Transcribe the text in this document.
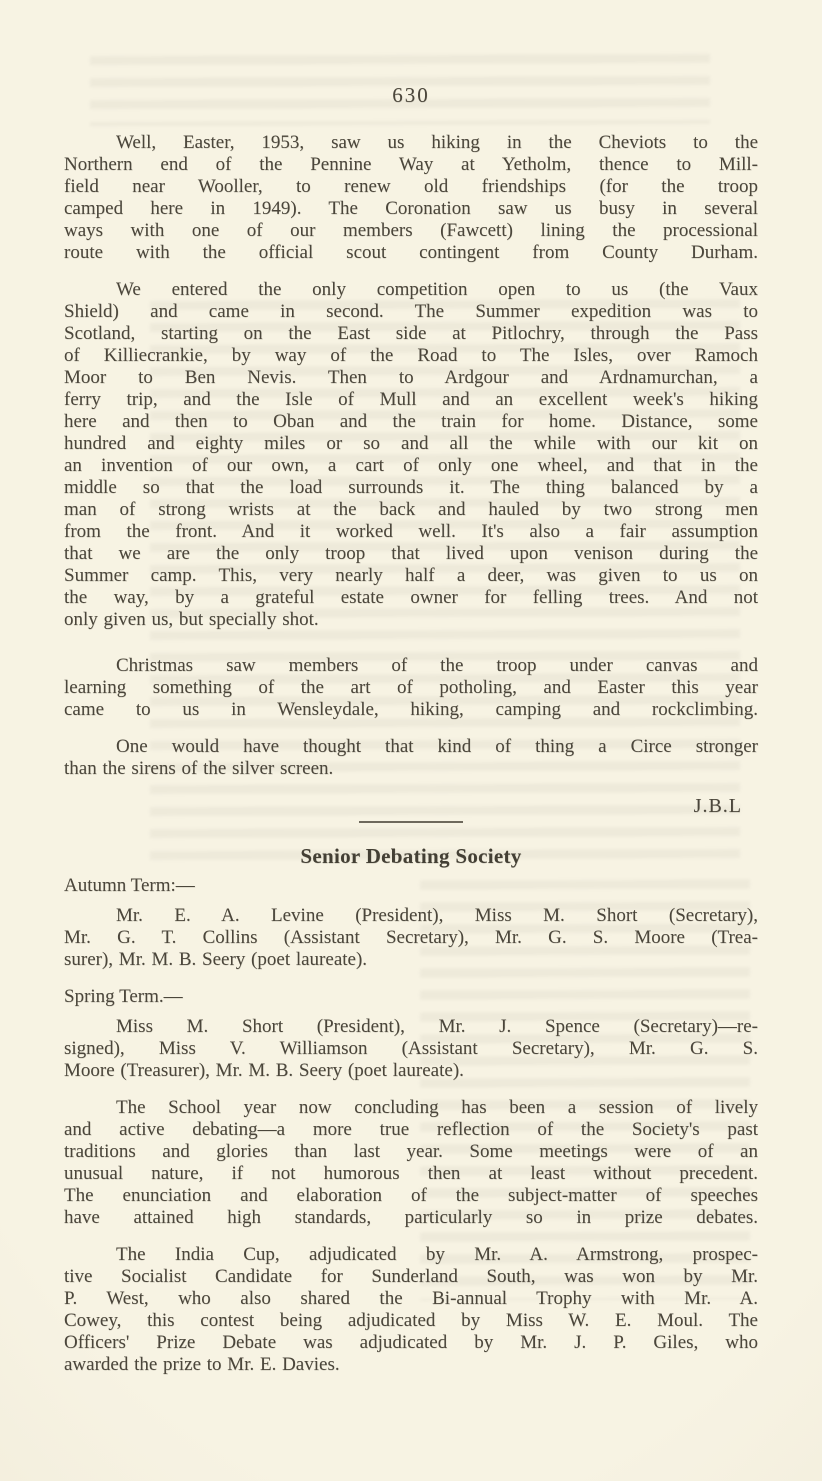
630
Well, Easter, 1953, saw us hiking in the Cheviots to the
Northern end of the Pennine Way at Yetholm, thence to Mill-
field near Wooller, to renew old friendships (for the troop
camped here in 1949). The Coronation saw us busy in several
ways with one of our members (Fawcett) lining the processional
route with the official scout contingent from County Durham.
We entered the only competition open to us (the Vaux
Shield) and came in second. The Summer expedition was to
Scotland, starting on the East side at Pitlochry, through the Pass
of Killiecrankie, by way of the Road to The Isles, over Ramoch
Moor to Ben Nevis. Then to Ardgour and Ardnamurchan, a
ferry trip, and the Isle of Mull and an excellent week's hiking
here and then to Oban and the train for home. Distance, some
hundred and eighty miles or so and all the while with our kit on
an invention of our own, a cart of only one wheel, and that in the
middle so that the load surrounds it. The thing balanced by a
man of strong wrists at the back and hauled by two strong men
from the front. And it worked well. It's also a fair assumption
that we are the only troop that lived upon venison during the
Summer camp. This, very nearly half a deer, was given to us on
the way, by a grateful estate owner for felling trees. And not
only given us, but specially shot.
Christmas saw members of the troop under canvas and
learning something of the art of potholing, and Easter this year
came to us in Wensleydale, hiking, camping and rockclimbing.
One would have thought that kind of thing a Circe stronger
than the sirens of the silver screen.
J.B.L
Senior Debating Society
Autumn Term:—
Mr. E. A. Levine (President), Miss M. Short (Secretary),
Mr. G. T. Collins (Assistant Secretary), Mr. G. S. Moore (Trea-
surer), Mr. M. B. Seery (poet laureate).
Spring Term.—
Miss M. Short (President), Mr. J. Spence (Secretary)—re-
signed), Miss V. Williamson (Assistant Secretary), Mr. G. S.
Moore (Treasurer), Mr. M. B. Seery (poet laureate).
The School year now concluding has been a session of lively
and active debating—a more true reflection of the Society's past
traditions and glories than last year. Some meetings were of an
unusual nature, if not humorous then at least without precedent.
The enunciation and elaboration of the subject-matter of speeches
have attained high standards, particularly so in prize debates.
The India Cup, adjudicated by Mr. A. Armstrong, prospec-
tive Socialist Candidate for Sunderland South, was won by Mr.
P. West, who also shared the Bi-annual Trophy with Mr. A.
Cowey, this contest being adjudicated by Miss W. E. Moul. The
Officers' Prize Debate was adjudicated by Mr. J. P. Giles, who
awarded the prize to Mr. E. Davies.
